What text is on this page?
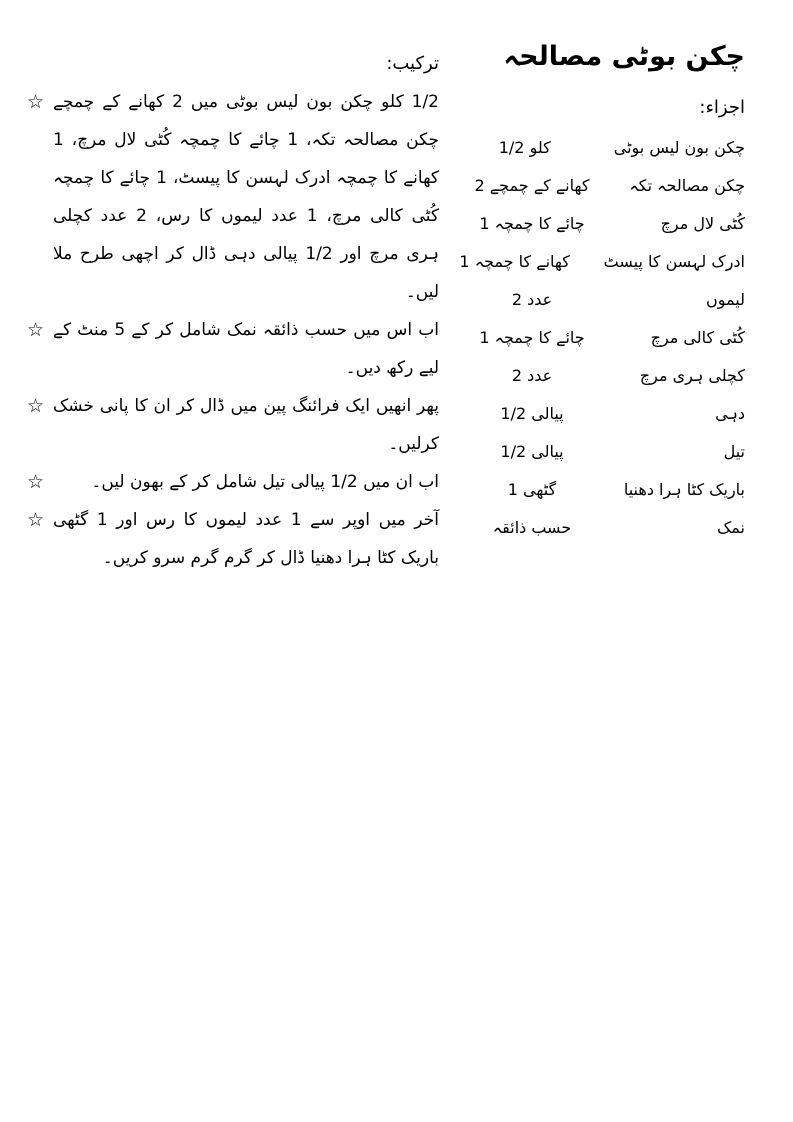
چکن بوٹی مصالحہ
اجزاء:
چکن بون لیس بوٹی
1/2 کلو
چکن مصالحہ تکہ
2 کھانے کے چمچے
کُٹی لال مرچ
1 چائے کا چمچہ
ادرک لہسن کا پیسٹ
1 کھانے کا چمچہ
لیموں
2 عدد
کُٹی کالی مرچ
1 چائے کا چمچہ
کچلی ہری مرچ
2 عدد
دہی
1/2 پیالی
تیل
1/2 پیالی
باریک کٹا ہرا دھنیا
1 گٹھی
نمک
حسب ذائقہ
ترکیب:
☆ 1/2 کلو چکن بون لیس بوٹی میں 2 کھانے کے چمچے چکن مصالحہ تکہ، 1 چائے کا چمچہ کُٹی لال مرچ، 1 کھانے کا چمچہ ادرک لہسن کا پیسٹ، 1 چائے کا چمچہ کُٹی کالی مرچ، 1 عدد لیموں کا رس، 2 عدد کچلی ہری مرچ اور 1/2 پیالی دہی ڈال کر اچھی طرح ملا لیں۔
☆ اب اس میں حسب ذائقہ نمک شامل کر کے 5 منٹ کے لیے رکھ دیں۔
☆ پھر انھیں ایک فرائنگ پین میں ڈال کر ان کا پانی خشک کرلیں۔
☆	اب ان میں 1/2 پیالی تیل شامل کر کے بھون لیں۔
☆ آخر میں اوپر سے 1 عدد لیموں کا رس اور 1 گٹھی باریک کٹا ہرا دھنیا ڈال کر گرم گرم سرو کریں۔
